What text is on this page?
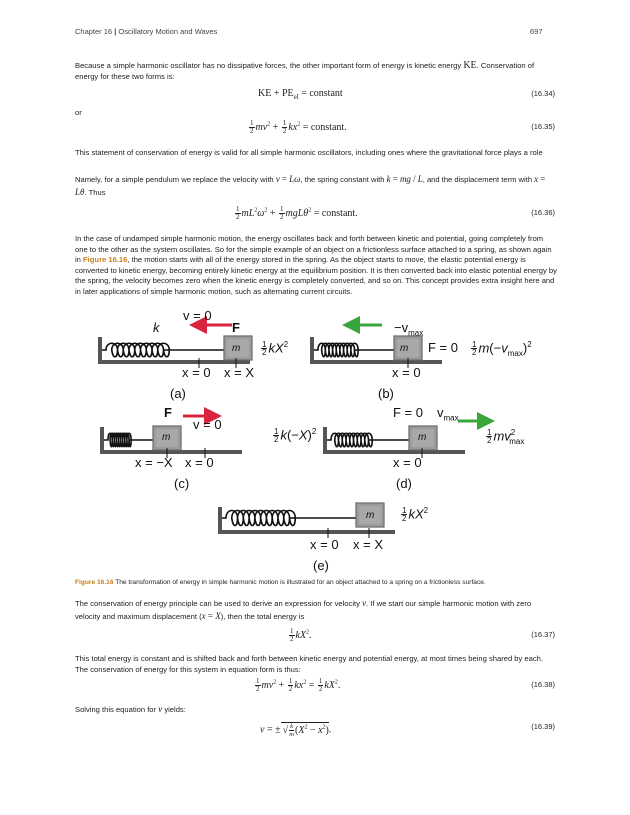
Chapter 16 | Oscillatory Motion and Waves	697
Because a simple harmonic oscillator has no dissipative forces, the other important form of energy is kinetic energy KE. Conservation of energy for these two forms is:
KE + $PE_{el}$ = constant	(16.34)
or
$\frac{1}{2} mv^2 + \frac{1}{2} kx^2$ = constant.	(16.35)
This statement of conservation of energy is valid for all simple harmonic oscillators, including ones where the gravitational force plays a role
Namely, for a simple pendulum we replace the velocity with v = Lω, the spring constant with k = mg / L, and the displacement term with x = Lθ. Thus
$\frac{1}{2} mL^2\omega^2 + \frac{1}{2} mgL\theta^2$ = constant.	(16.36)
In the case of undamped simple harmonic motion, the energy oscillates back and forth between kinetic and potential, going completely from one to the other as the system oscillates. So for the simple example of an object on a frictionless surface attached to a spring, as shown again in Figure 16.16, the motion starts with all of the energy stored in the spring. As the object starts to move, the elastic potential energy is converted to kinetic energy, becoming entirely kinetic energy at the equilibrium position. It is then converted back into elastic potential energy by the spring, the velocity becomes zero when the kinetic energy is completely converted, and so on. This concept provides extra insight here and in later applications of simple harmonic motion, such as alternating current circuits.
v = 0
k	F
m	$\frac{1}{2} kX^2$
x = 0 x = X
(a)
$-v_{max}$
m $F = 0 \frac{1}{2} m(-v_{max})^2$
x = 0
(b)
F
v = 0
m	$\frac{1}{2} k(-X)^2$
x = −X x = 0
(c)
F = 0 $v_{max}$
m	$\frac{1}{2} mv^2_{max}$
x = 0
(d)
m	$\frac{1}{2} kX^2$
x = 0 x = X
(e)
Figure 16.16 The transformation of energy in simple harmonic motion is illustrated for an object attached to a spring on a frictionless surface.
The conservation of energy principle can be used to derive an expression for velocity v. If we start our simple harmonic motion with zero velocity and maximum displacement (x = X), then the total energy is
$\frac{1}{2} kX^2$.	(16.37)
This total energy is constant and is shifted back and forth between kinetic energy and potential energy, at most times being shared by each. The conservation of energy for this system in equation form is thus:
$\frac{1}{2} mv^2 + \frac{1}{2} kx^2 = \frac{1}{2} kX^2$.	(16.38)
Solving this equation for v yields:
v = ± √ $\frac{k}{m} (X^2 - x^2)$.	(16.39)
